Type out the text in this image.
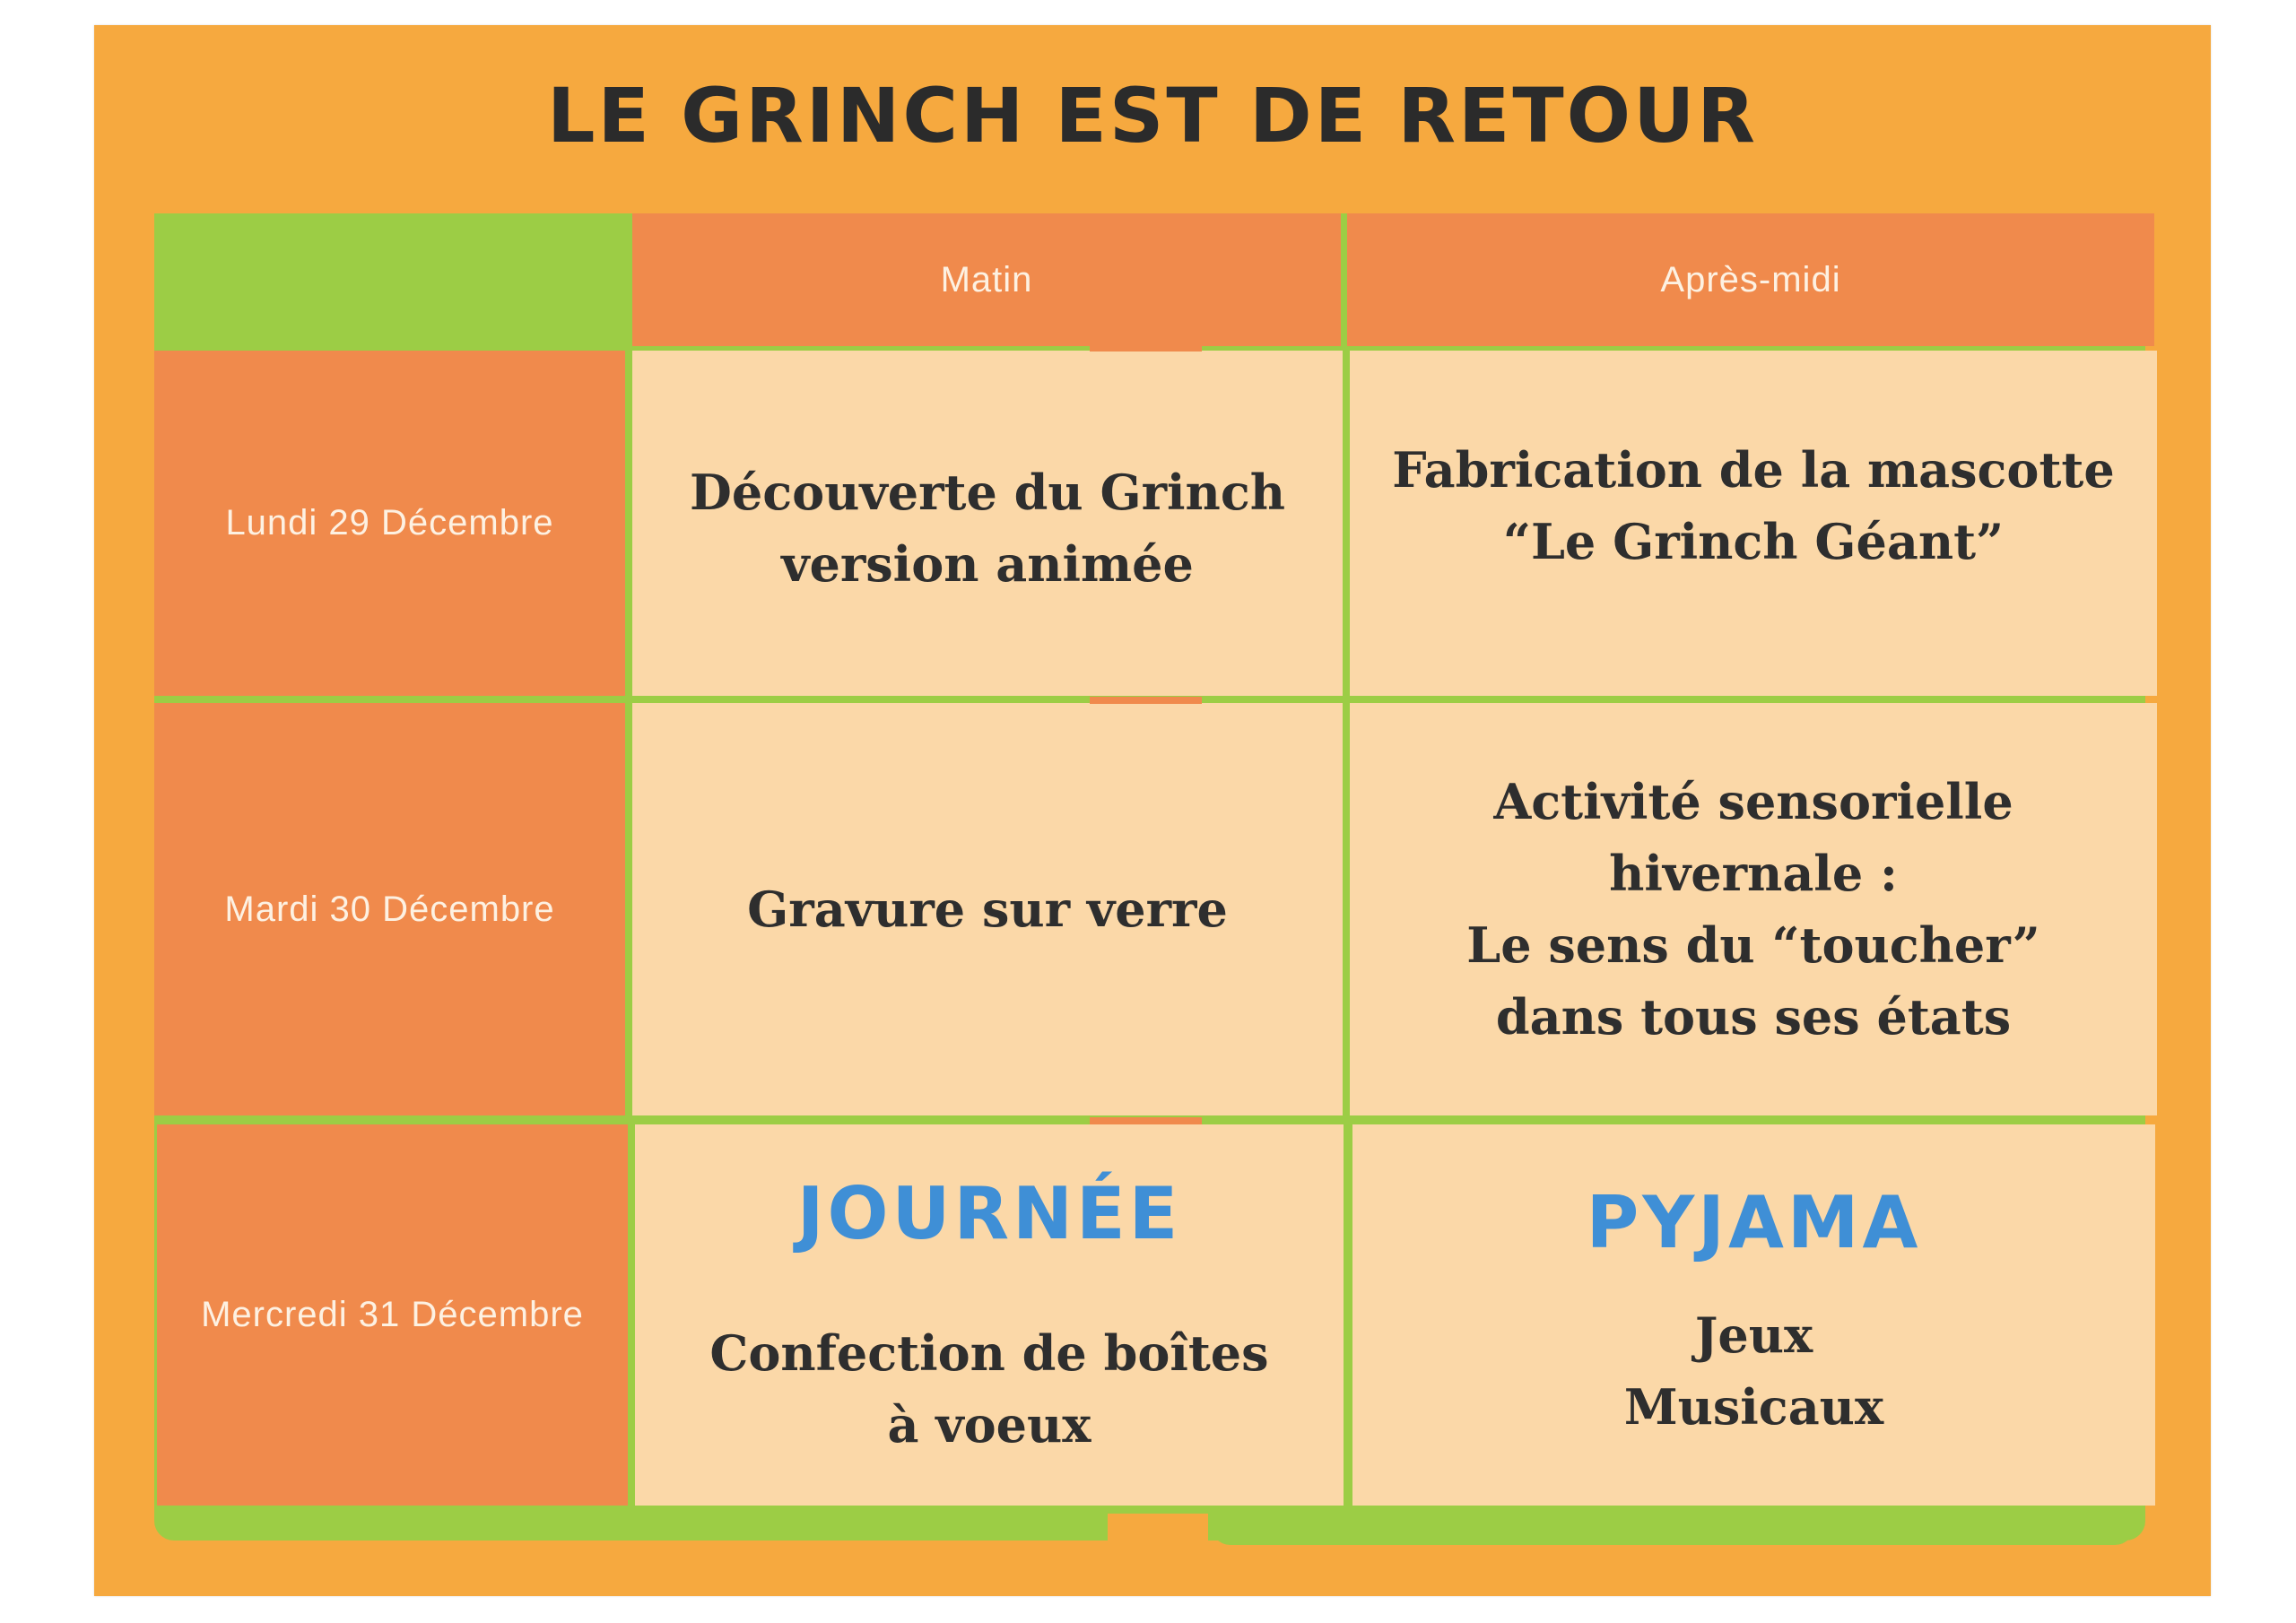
LE GRINCH EST DE RETOUR
Matin	Après-midi
Lundi 29 Décembre
Découverte du Grinch
version animée
Fabrication de la mascotte
“Le Grinch Géant”
Mardi 30 Décembre	Gravure sur verre
Activité sensorielle
hivernale :
Le sens du “toucher”
dans tous ses états
Mercredi 31 Décembre
JOURNÉE
Confection de boîtes
à voeux
PYJAMA
Jeux
Musicaux
